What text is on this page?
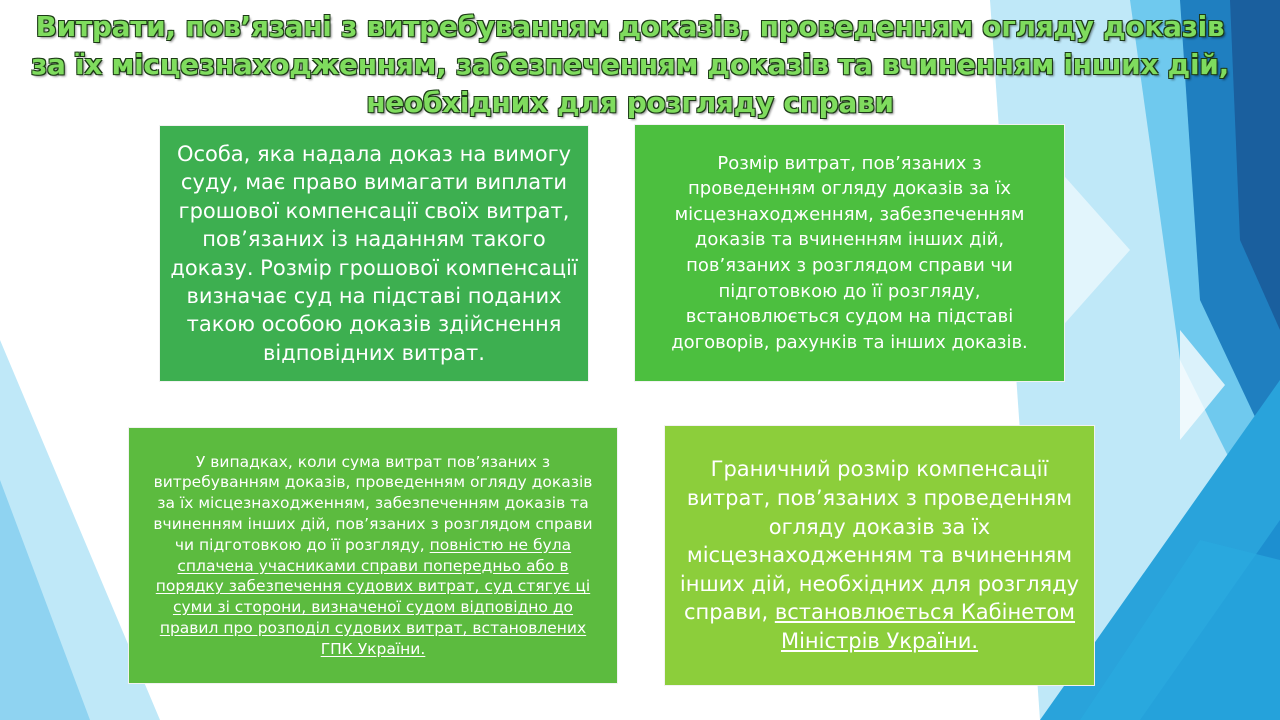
Витрати, пов’язані з витребуванням доказів, проведенням огляду доказів за їх місцезнаходженням, забезпеченням доказів та вчиненням інших дій, необхідних для розгляду справи

Особа, яка надала доказ на вимогу суду, має право вимагати виплати грошової компенсації своїх витрат, пов’язаних із наданням такого доказу. Розмір грошової компенсації визначає суд на підставі поданих такою особою доказів здійснення відповідних витрат.

Розмір витрат, пов’язаних з проведенням огляду доказів за їх місцезнаходженням, забезпеченням доказів та вчиненням інших дій, пов’язаних з розглядом справи чи підготовкою до її розгляду, встановлюється судом на підставі договорів, рахунків та інших доказів.

У випадках, коли сума витрат пов’язаних з витребуванням доказів, проведенням огляду доказів за їх місцезнаходженням, забезпеченням доказів та вчиненням інших дій, пов’язаних з розглядом справи чи підготовкою до її розгляду, повністю не була сплачена учасниками справи попередньо або в порядку забезпечення судових витрат, суд стягує ці суми зі сторони, визначеної судом відповідно до правил про розподіл судових витрат, встановлених ГПК України.

Граничний розмір компенсації витрат, пов’язаних з проведенням огляду доказів за їх місцезнаходженням та вчиненням інших дій, необхідних для розгляду справи, встановлюється Кабінетом Міністрів України.
